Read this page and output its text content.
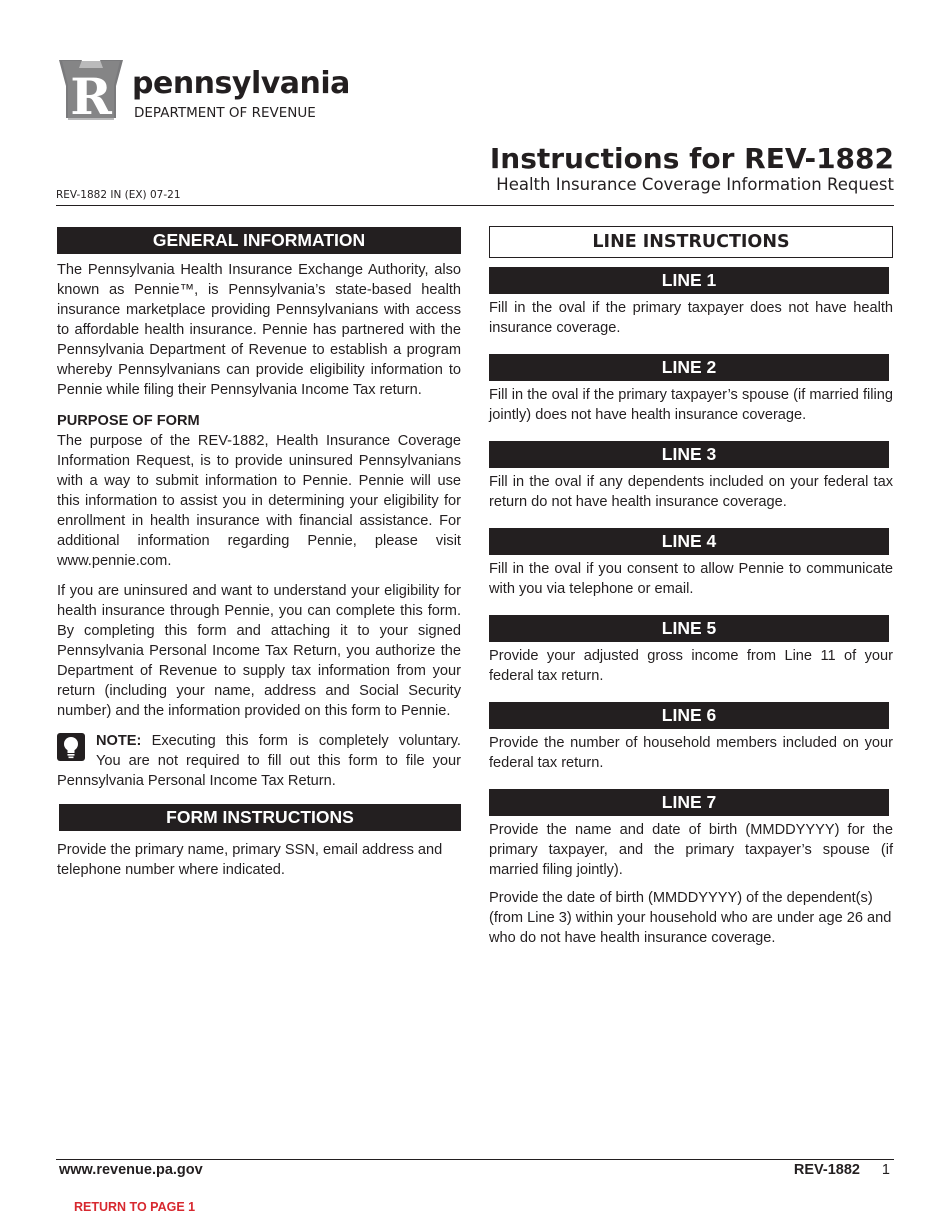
R pennsylvania
DEPARTMENT OF REVENUE
REV-1882 IN (EX) 07-21
Instructions for REV-1882
Health Insurance Coverage Information Request
GENERAL INFORMATION

The Pennsylvania Health Insurance Exchange Authority, also known as Pennie™, is Pennsylvania’s state-based health insurance marketplace providing Pennsylvanians with access to affordable health insurance. Pennie has partnered with the Pennsylvania Department of Revenue to establish a program whereby Pennsylvanians can provide eligibility information to Pennie while filing their Pennsylvania Income Tax return.

PURPOSE OF FORM

The purpose of the REV-1882, Health Insurance Coverage Information Request, is to provide uninsured Pennsylvanians with a way to submit information to Pennie. Pennie will use this information to assist you in determining your eligibility for enrollment in health insurance with financial assistance. For additional information regarding Pennie, please visit www.pennie.com.

If you are uninsured and want to understand your eligibility for health insurance through Pennie, you can complete this form. By completing this form and attaching it to your signed Pennsylvania Personal Income Tax Return, you authorize the Department of Revenue to supply tax information from your return (including your name, address and Social Security number) and the information provided on this form to Pennie.

NOTE: Executing this form is completely voluntary.

You are not required to fill out this form to file your

Pennsylvania Personal Income Tax Return.

FORM INSTRUCTIONS

Provide the primary name, primary SSN, email address and telephone number where indicated.

LINE INSTRUCTIONS
LINE 1

Fill in the oval if the primary taxpayer does not have health insurance coverage.

LINE 2

Fill in the oval if the primary taxpayer’s spouse (if married filing jointly) does not have health insurance coverage.

LINE 3

Fill in the oval if any dependents included on your federal tax return do not have health insurance coverage.

LINE 4

Fill in the oval if you consent to allow Pennie to communicate with you via telephone or email.

LINE 5

Provide your adjusted gross income from Line 11 of your federal tax return.

LINE 6

Provide the number of household members included on your federal tax return.

LINE 7

Provide the name and date of birth (MMDDYYYY) for the primary taxpayer, and the primary taxpayer’s spouse (if married filing jointly).

Provide the date of birth (MMDDYYYY) of the dependent(s) (from Line 3) within your household who are under age 26 and who do not have health insurance coverage.

www.revenue.pa.gov	REV-1882 1
RETURN TO PAGE 1
